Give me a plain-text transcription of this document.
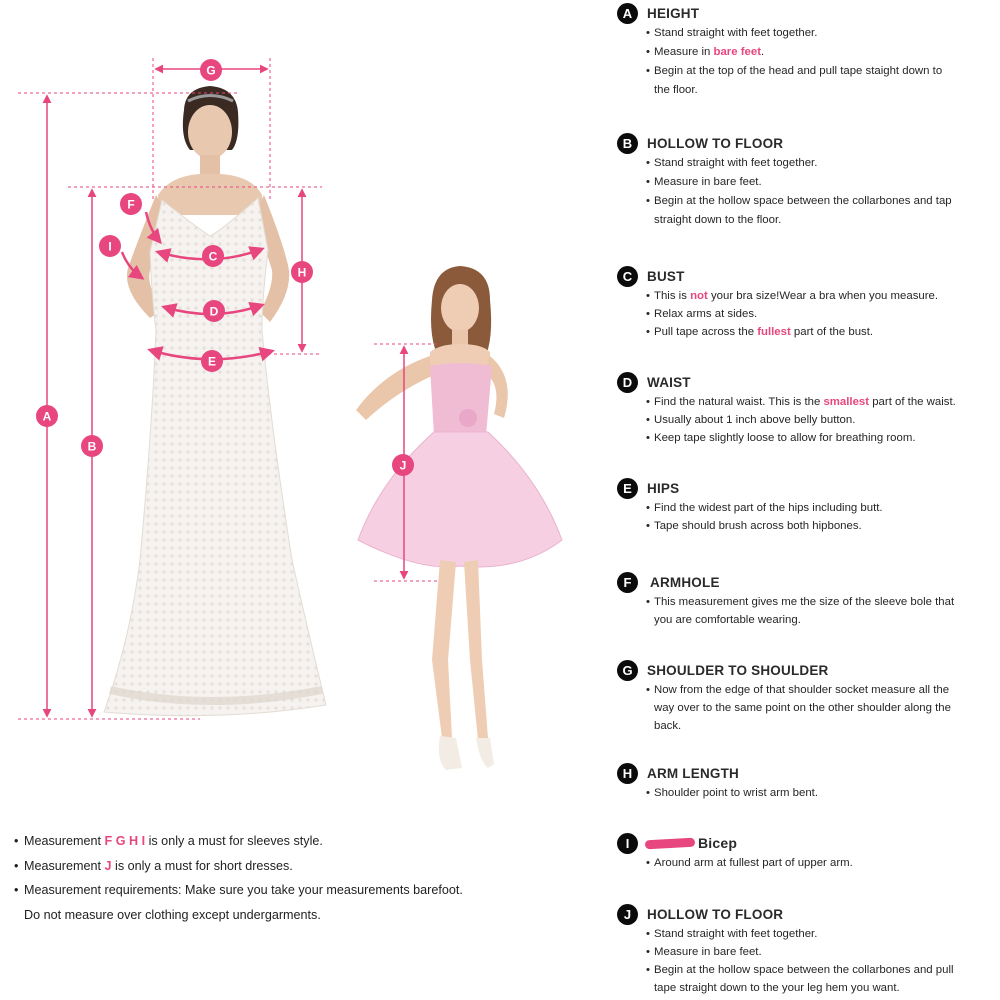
A
B
C
D
E
F
G
H
I
J
• Measurement F G H I is only a must for sleeves style.
• Measurement J is only a must for short dresses.
• Measurement requirements: Make sure you take your measurements barefoot.
Do not measure over clothing except undergarments.
A	HEIGHT
• Stand straight with feet together.
• Measure in bare feet.
• Begin at the top of the head and pull tape staight down to
the floor.
B	HOLLOW TO FLOOR
• Stand straight with feet together.
• Measure in bare feet.
• Begin at the hollow space between the collarbones and tap
straight down to the floor.
C	BUST
• This is not your bra size!Wear a bra when you measure.
• Relax arms at sides.
• Pull tape across the fullest part of the bust.
D	WAIST
• Find the natural waist. This is the smallest part of the waist.
• Usually about 1 inch above belly button.
• Keep tape slightly loose to allow for breathing room.
E	HIPS
• Find the widest part of the hips including butt.
• Tape should brush across both hipbones.
F	ARMHOLE
• This measurement gives me the size of the sleeve bole that
you are comfortable wearing.
G	SHOULDER TO SHOULDER
• Now from the edge of that shoulder socket measure all the
way over to the same point on the other shoulder along the
back.
H	ARM LENGTH
• Shoulder point to wrist arm bent.
I	Bicep
• Around arm at fullest part of upper arm.
J	HOLLOW TO FLOOR
• Stand straight with feet together.
• Measure in bare feet.
• Begin at the hollow space between the collarbones and pull
tape straight down to the your leg hem you want.
